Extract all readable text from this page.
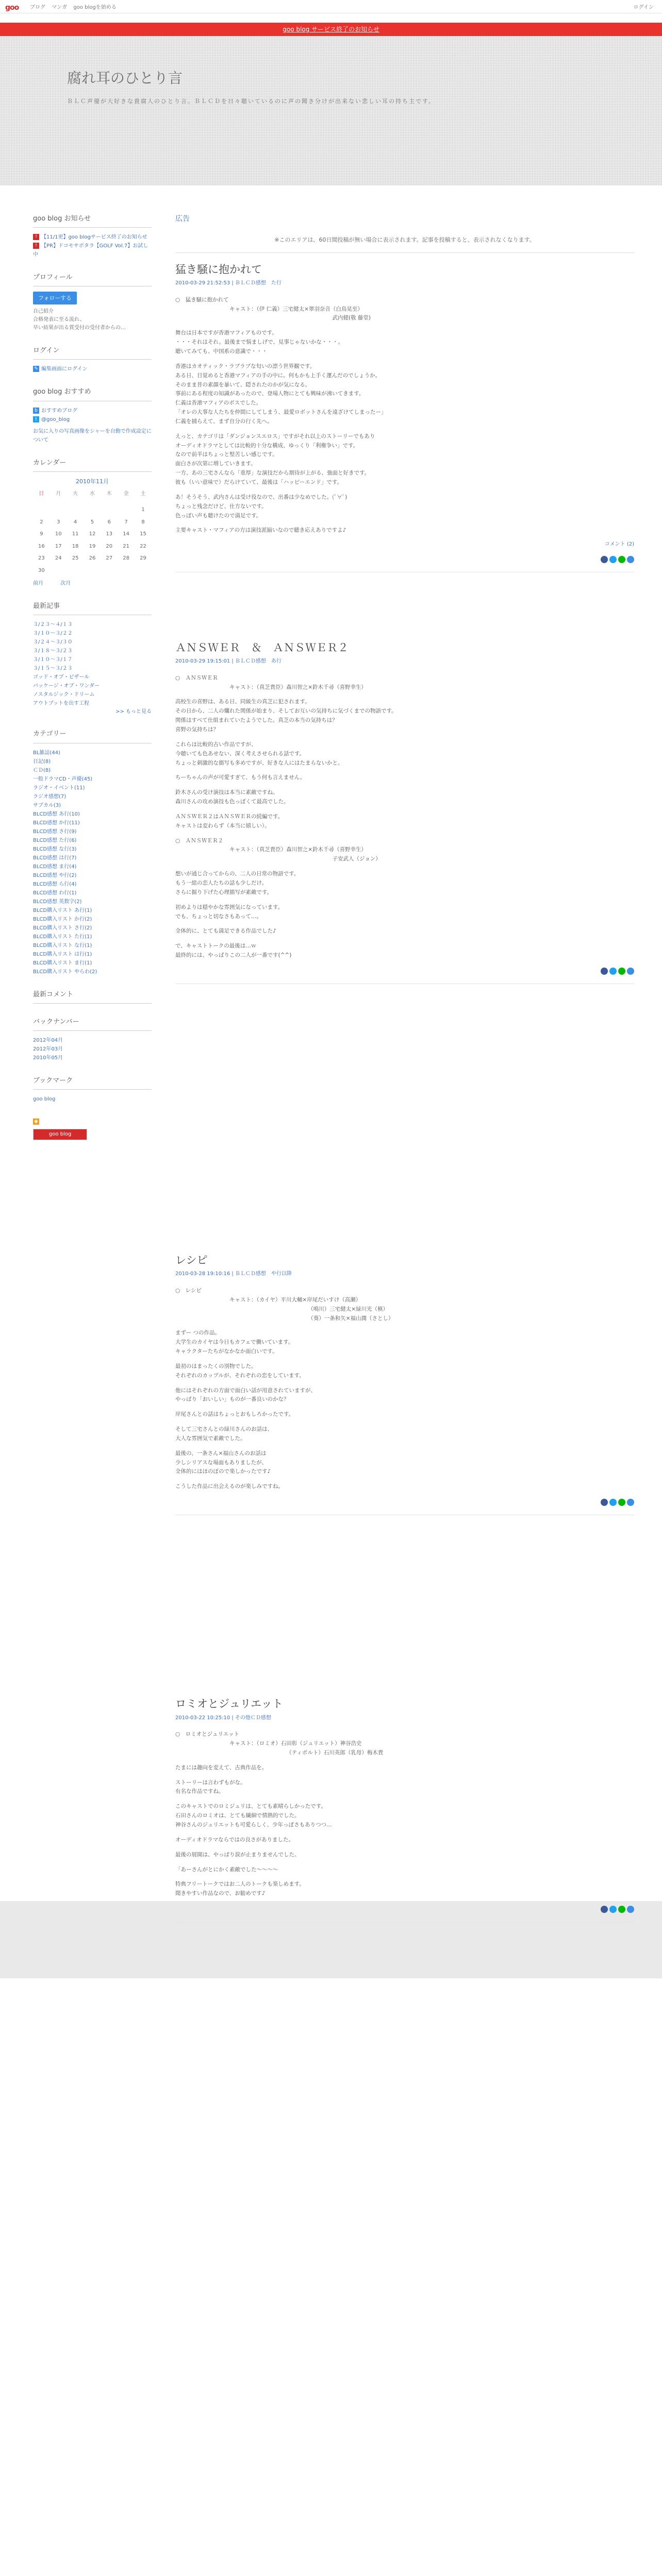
goo ブログ マンガ goo blogを始める	ログイン
goo blog サービス終了のお知らせ
腐れ耳のひとり言
ＢＬＣ声優が大好きな貴腐人のひとり言。ＢＬＣＤを日々聴いているのに声の聞き分けが出来ない悲しい耳の持ち主です。
goo blog お知らせ
! 【11/1更】goo blogサービス終了のお知らせ
! 【PR】ドコモサポタラ【GOLF Vol.7】お試し中
プロフィール
フォローする
自己紹介
合格発表に至る流れ、
早い結果が出る賞受付の受付者からの…
ログイン
✎ 編集画面にログイン
goo blog おすすめ
b おすすめブログ
t @goo_blog
お気に入りの写真画像をシャーを自動で作成設定について
カレンダー
2010年11月
日	月	火	水	木	金	土

						1
2	3	4	5	6	7	8
9	10	11	12	13	14	15
16	17	18	19	20	21	22
23	24	25	26	27	28	29
30						
前月	次月
最新記事
３/２３～４/１３
３/１０～３/２２
３/２４～３/３０
３/１８～３/２３
３/１０～３/１７
３/１５～３/２３
ゴッド・オブ・ビザール
パッケージ・オブ・ワンダー
ノスタルジック・ドリーム
アウトプットを出す工程
>> もっと見る
カテゴリー
BL雑誌(44)
日記(8)
ＣＤ(8)
一般ドラマCD・声優(45)
ラジオ・イベント(11)
ラジオ感想(7)
サブカル(3)
BLCD感想 あ行(10)
BLCD感想 か行(11)
BLCD感想 さ行(9)
BLCD感想 た行(6)
BLCD感想 な行(3)
BLCD感想 は行(7)
BLCD感想 ま行(4)
BLCD感想 や行(2)
BLCD感想 ら行(4)
BLCD感想 わ行(1)
BLCD感想 英数字(2)
BLCD購入リスト あ行(1)
BLCD購入リスト か行(2)
BLCD購入リスト さ行(2)
BLCD購入リスト た行(1)
BLCD購入リスト な行(1)
BLCD購入リスト は行(1)
BLCD購入リスト ま行(1)
BLCD購入リスト やらわ(2)
最新コメント
バックナンバー
2012年04月
2012年03月
2010年05月
ブックマーク
goo blog
◉
goo blog
広告
※このエリアは、60日間投稿が無い場合に表示されます。記事を投稿すると、表示されなくなります。
猛き騒に抱かれて
2010-03-29 21:52:53 | ＢＬＣＤ感想　た行

○　猛き騒に抱かれて

　　　　　　　　　　キャスト：（伊 仁義）三宅健太×翠羽奈音（白鳥晃至）

　　　　　　　　　　　　　　　　　　　　　　　　　　　　　武内健(敬 藤堂)

舞台は日本ですが香港マフィアものです。

・・・それはそれ。最後まで悩ましげで、見事じゃないかな・・・。

聴いてみても、中国系の意識で・・・

香港はカオティック・ラブラブな匂いの漂う世界観です。

ある日、目覚めると香港マフィアの手の中に。何もかも上手く運んだのでしょうか。

そのまま昔の素顔を暴いて、隠されたのかが気になる。

事前にある程度の知識があったので、登場人物にとても興味が沸いてきます。

仁義は香港マフィアのボスでした。

「オレの大事な人たちを仲間にしてしまう、最愛ロボットさんを遠ざけてしまったー」

仁義を捕らえて、まず自分の行く先へ。

えっと、カテゴリは「ダンジョンスエロス」ですがそれ以上のストーリーでもあり

オーディオドラマとしては比較的十分な構成、ゆっくり「利権争い」です。

なので前半はちょっと堅苦しい感じです。

面白さが次第に増していきます。

一方、あの三宅さんなら「重厚」な演技だから期待が上がる、強面と好きです。

彼も（いい意味で）だらけていて、最後は「ハッピーエンド」です。

あ！そうそう、武内さんは受け役なので、出番は少なめでした。(ﾟ∀ﾟ)

ちょっと残念だけど、仕方ないです。

色っぽい声も聴けたので満足です。

主要キャスト・マフィアの方は演技派揃いなので聴き応えありですよ♪

コメント (2)
ＡＮＳＷＥＲ　＆　ＡＮＳＷＥＲ２
2010-03-29 19:15:01 | ＢＬＣＤ感想　あ行

○　ＡＮＳＷＥＲ

　　　　　　　　　　キャスト：（真芝貴臣）森川智之×鈴木千尋（喜野幸生）

高校生の喜野は、ある日、同級生の真芝に犯されます。

その日から、二人の爛れた関係が始まり、そしてお互いの気持ちに気づくまでの物語です。

関係はすべて仕組まれていたようでした。真芝の本当の気持ちは？

喜野の気持ちは？

これらは比較的古い作品ですが、

今聴いても色あせない、深く考えさせられる話です。

ちょっと刺激的な描写も多めですが、好きな人にはたまらないかと。

ちーちゃんの声が可愛すぎて、もう何も言えません。

鈴木さんの受け演技は本当に素敵ですね。

森川さんの攻め演技も色っぽくて最高でした。

ＡＮＳＷＥＲ２はＡＮＳＷＥＲの続編です。

キャストは変わらず（本当に嬉しい）。

○　ＡＮＳＷＥＲ２

　　　　　　　　　　キャスト：（真芝貴臣）森川智之×鈴木千尋（喜野幸生）

　　　　　　　　　　　　　　　　　　　　　　　　　　　　　子安武人（ジョン）

想いが通じ合ってからの、二人の日常の物語です。

もう一組の恋人たちの話も少しだけ。

さらに掘り下げた心理描写が素敵です。

初めよりは穏やかな雰囲気になっています。

でも、ちょっと切なさもあって…。

全体的に、とても満足できる作品でした♪

で、キャストトークの最後は…ｗ

最終的には、やっぱりこの二人が一番です(^^)

レシピ
2010-03-28 19:10:16 | ＢＬＣＤ感想　や行以降

○　レシピ

　　　　　　　　　　キャスト：（カイヤ）平川大輔×岸尾だいすけ（高瀬）

　　　　　　　　　　　　　　　　　　　　　　　　　（鳴川）三宅健太×緑川光（槙）

　　　　　　　　　　　　　　　　　　　　　　　　　（葵）一条和矢×福山潤（さとし）

まずー つの作品。

大学生のカイヤは今日もカフェで働いています。

キャラクターたちがなかなか面白いです。

最初のはまったくの別物でした。

それぞれのカップルが、それぞれの恋をしています。

他にはそれぞれの方面で面白い話が用意されていますが、

やっぱり「おいしい」ものが一番良いのかな？

岸尾さんとの話はちょっとおもしろかったです。

そして三宅さんとの緑川さんのお話は、

大人な雰囲気で素敵でした。

最後の、一条さん×福山さんのお話は

少しシリアスな場面もありましたが、

全体的にはほのぼので楽しかったです♪

こうした作品に出会えるのが楽しみですね。

ロミオとジュリエット
2010-03-22 10:25:10 | その他ＣＤ感想

○　ロミオとジュリエット

　　　　　　　　　　キャスト：（ロミオ）石田彰（ジュリエット）神谷浩史

　　　　　　　　　　　　　　　　　　　　　（ティボルト）石川英郎（乳母）梅木貴

たまには趣向を変えて、古典作品を。

ストーリーは言わずもがな。

有名な作品ですね。

このキャストでのロミジュリは、とても素晴らしかったです。

石田さんのロミオは、とても繊細で情熱的でした。

神谷さんのジュリエットも可愛らしく、少年っぽさもありつつ…

オーディオドラマならではの良さがありました。

最後の展開は、やっぱり涙が止まりませんでした。

「あーさんがとにかく素敵でした〜〜〜〜

特典フリートークではお二人のトークも楽しめます。

聞きやすい作品なので、お勧めです♪
